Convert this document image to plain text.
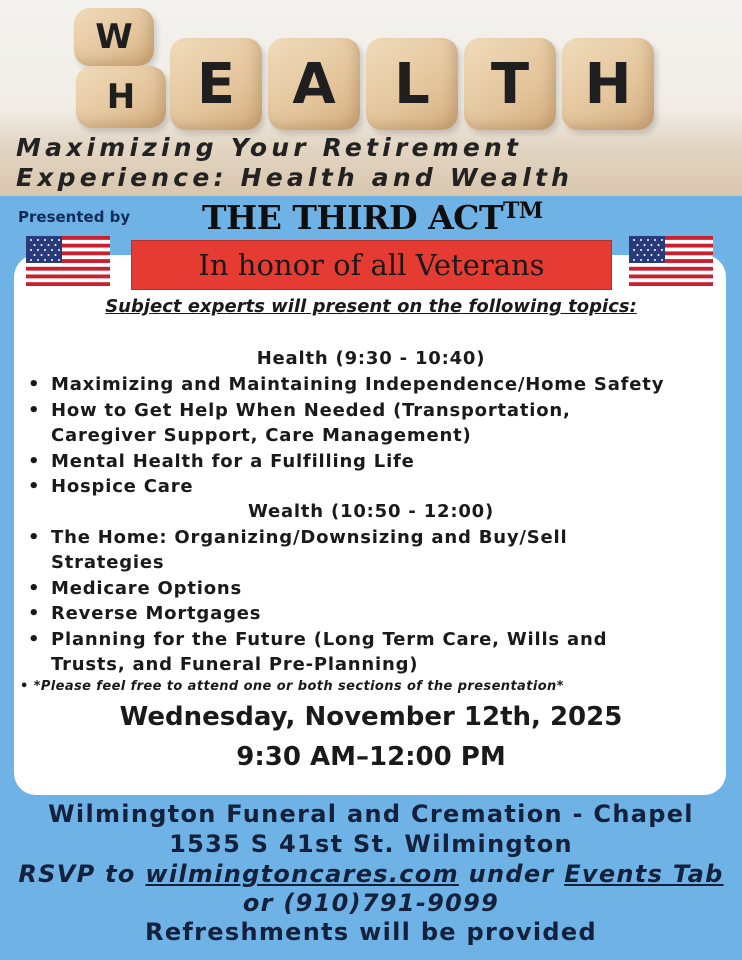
W
H	E	A	L	T H
Maximizing Your Retirement
Experience: Health and Wealth
Presented by THE THIRD ACT™
In honor of all Veterans
Subject experts will present on the following topics:
Health (9:30 - 10:40)
• Maximizing and Maintaining Independence/Home Safety
• How to Get Help When Needed (Transportation, Caregiver Support, Care Management)
• Mental Health for a Fulfilling Life
• Hospice Care
Wealth (10:50 - 12:00)
• The Home: Organizing/Downsizing and Buy/Sell Strategies
• Medicare Options
• Reverse Mortgages
• Planning for the Future (Long Term Care, Wills and Trusts, and Funeral Pre-Planning)
• *Please feel free to attend one or both sections of the presentation*
Wednesday, November 12th, 2025
9:30 AM–12:00 PM
Wilmington Funeral and Cremation - Chapel
1535 S 41st St. Wilmington
RSVP to wilmingtoncares.com under Events Tab
or (910)791-9099
Refreshments will be provided
